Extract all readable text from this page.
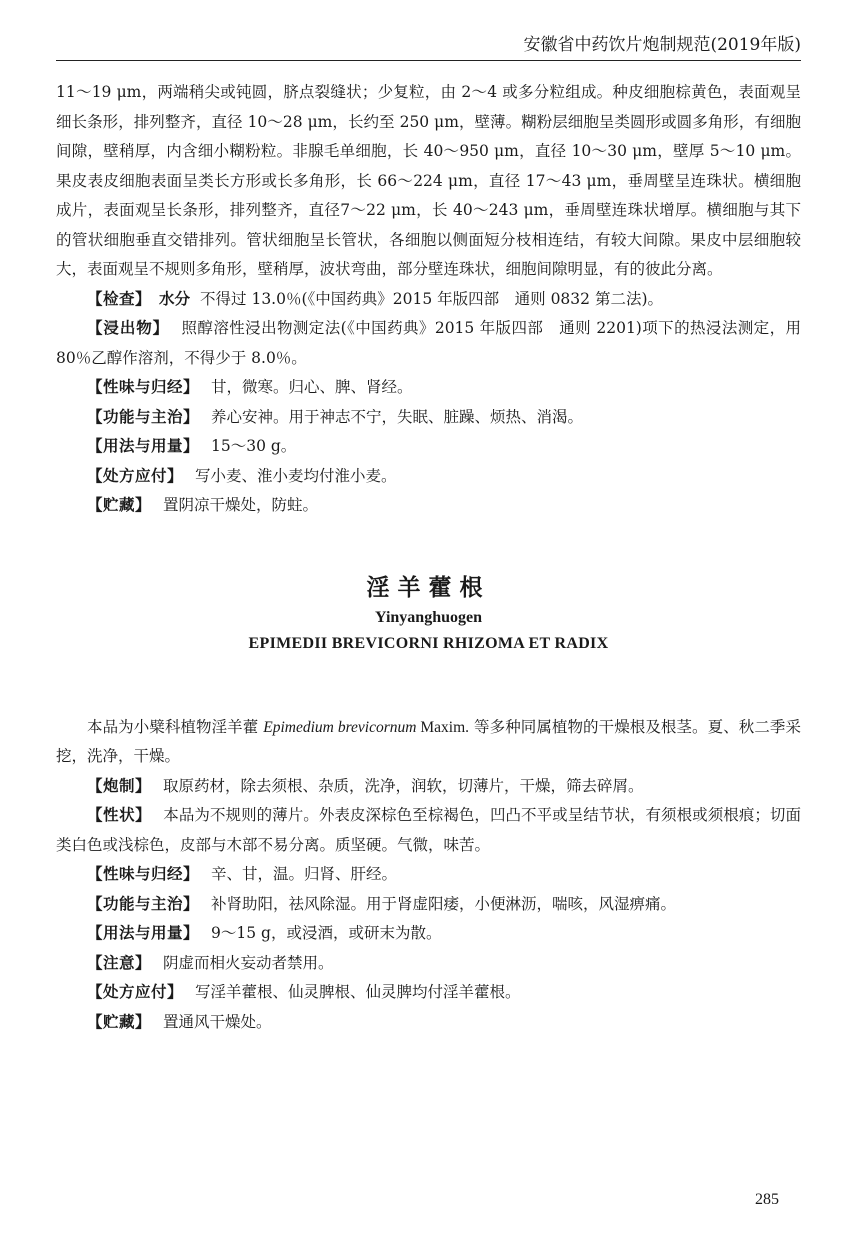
安徽省中药饮片炮制规范(2019年版)

11～19 μm，两端稍尖或钝圆，脐点裂缝状；少复粒，由 2～4 或多分粒组成。种皮细胞棕黄色，表面观呈细长条形，排列整齐，直径 10～28 μm，长约至 250 μm，壁薄。糊粉层细胞呈类圆形或圆多角形，有细胞间隙，壁稍厚，内含细小糊粉粒。非腺毛单细胞，长 40～950 μm，直径 10～30 μm，壁厚 5～10 μm。果皮表皮细胞表面呈类长方形或长多角形，长 66～224 μm，直径 17～43 μm，垂周壁呈连珠状。横细胞成片，表面观呈长条形，排列整齐，直径7～22 μm，长 40～243 μm，垂周壁连珠状增厚。横细胞与其下的管状细胞垂直交错排列。管状细胞呈长管状，各细胞以侧面短分枝相连结，有较大间隙。果皮中层细胞较大，表面观呈不规则多角形，壁稍厚，波状弯曲，部分壁连珠状，细胞间隙明显，有的彼此分离。

【检查】 水分 不得过 13.0％(《中国药典》2015 年版四部　通则 0832 第二法)。

【浸出物】 照醇溶性浸出物测定法(《中国药典》2015 年版四部　通则 2201)项下的热浸法测定，用 80％乙醇作溶剂，不得少于 8.0％。

【性味与归经】 甘，微寒。归心、脾、肾经。

【功能与主治】 养心安神。用于神志不宁，失眠、脏躁、烦热、消渴。

【用法与用量】 15～30 g。

【处方应付】 写小麦、淮小麦均付淮小麦。

【贮藏】 置阴凉干燥处，防蛀。

淫羊藿根
Yinyanghuogen
EPIMEDII BREVICORNI RHIZOMA ET RADIX

本品为小檗科植物淫羊藿 Epimedium brevicornum Maxim. 等多种同属植物的干燥根及根茎。夏、秋二季采挖，洗净，干燥。

【炮制】 取原药材，除去须根、杂质，洗净，润软，切薄片，干燥，筛去碎屑。

【性状】 本品为不规则的薄片。外表皮深棕色至棕褐色，凹凸不平或呈结节状，有须根或须根痕；切面类白色或浅棕色，皮部与木部不易分离。质坚硬。气微，味苦。

【性味与归经】 辛、甘，温。归肾、肝经。

【功能与主治】 补肾助阳，祛风除湿。用于肾虚阳痿，小便淋沥，喘咳，风湿痹痛。

【用法与用量】 9～15 g，或浸酒，或研末为散。

【注意】 阴虚而相火妄动者禁用。

【处方应付】 写淫羊藿根、仙灵脾根、仙灵脾均付淫羊藿根。

【贮藏】 置通风干燥处。

285
